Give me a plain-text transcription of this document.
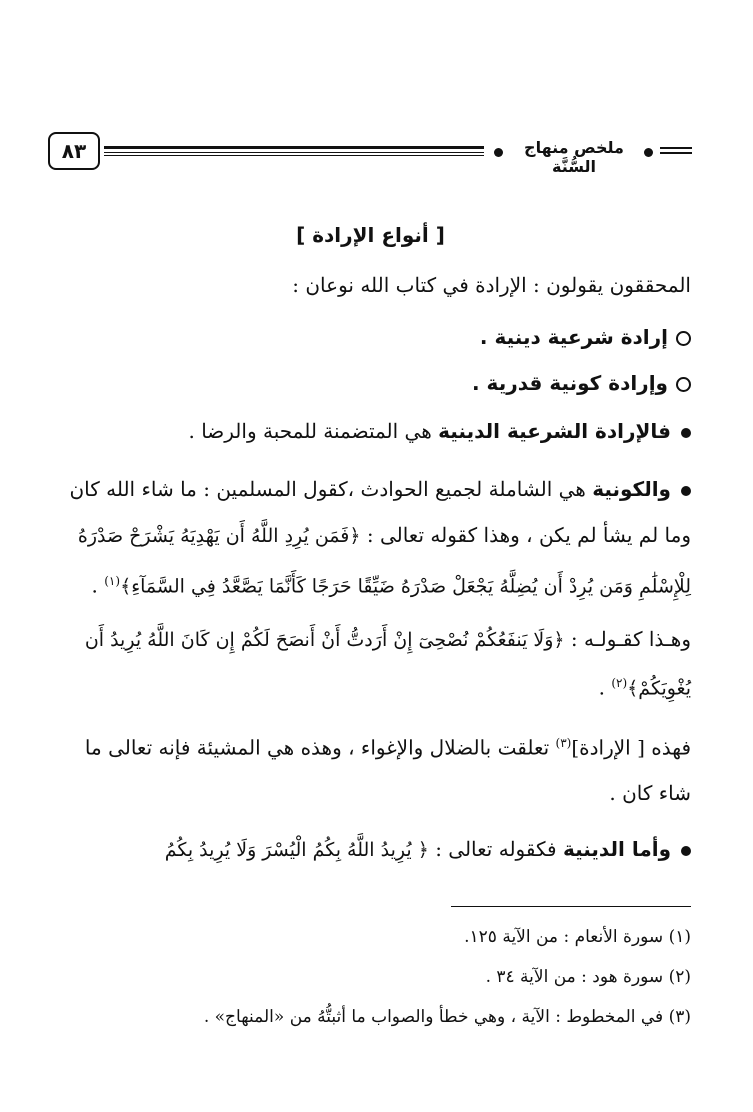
٨٣	ملخص منهاج السُّنَّة
[ أنواع الإرادة ]
المحققون يقولون : الإرادة في كتاب الله نوعان :
إرادة شرعية دينية .
وإرادة كونية قدرية .
فالإرادة الشرعية الدينية هي المتضمنة للمحبة والرضا .
والكونية هي الشاملة لجميع الحوادث ،كقول المسلمين : ما شاء الله كان
وما لم يشأ لم يكن ، وهذا كقوله تعالى : ﴿فَمَن يُرِدِ اللَّهُ أَن يَهْدِيَهُ يَشْرَحْ صَدْرَهُ
لِلْإِسْلَٰمِ وَمَن يُرِدْ أَن يُضِلَّهُ يَجْعَلْ صَدْرَهُ ضَيِّقًا حَرَجًا كَأَنَّمَا يَصَّعَّدُ فِي السَّمَآءِ﴾$^{(١)}$ .
وهـذا كقـولـه : ﴿وَلَا يَنفَعُكُمْ نُصْحِىٓ إِنْ أَرَدتُّ أَنْ أَنصَحَ لَكُمْ إِن كَانَ اللَّهُ يُرِيدُ أَن
يُغْوِيَكُمْ﴾$^{(٢)}$ .
فهذه [ الإرادة]$^{(٣)}$ تعلقت بالضلال والإغواء ، وهذه هي المشيئة فإنه تعالى ما
شاء كان .
وأما الدينية فكقوله تعالى : ﴿ يُرِيدُ اللَّهُ بِكُمُ الْيُسْرَ وَلَا يُرِيدُ بِكُمُ
(١) سورة الأنعام : من الآية ١٢٥.
(٢) سورة هود : من الآية ٣٤ .
(٣) في المخطوط : الآية ، وهي خطأ والصواب ما أثبتُّهُ من «المنهاج» .
